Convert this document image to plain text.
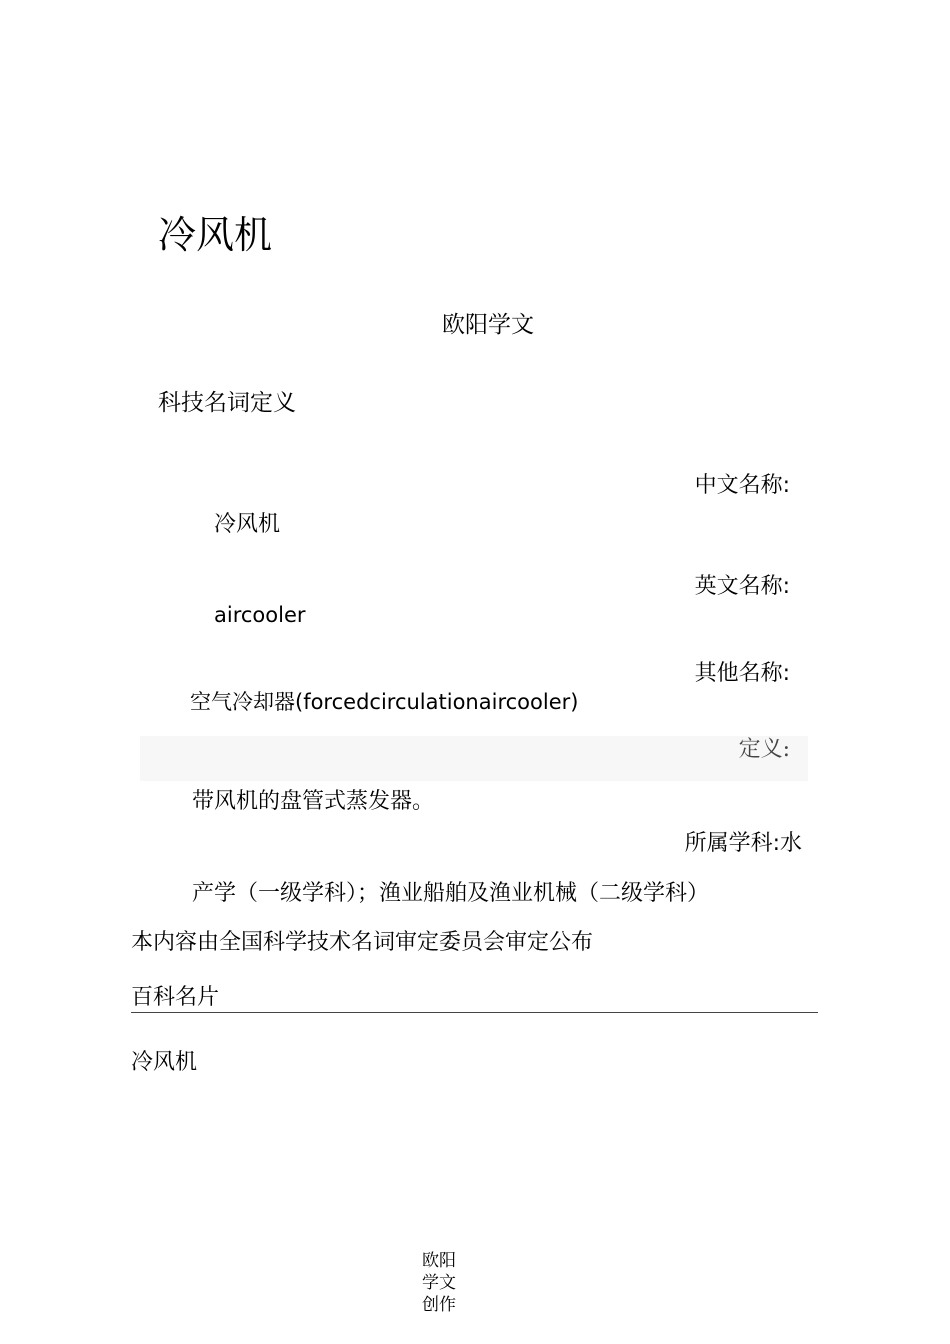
冷风机
欧阳学文
科技名词定义
中文名称:
冷风机
英文名称:
aircooler
其他名称:
空气冷却器(forcedcirculationaircooler)
定义:
带风机的盘管式蒸发器。
所属学科:水
产学（一级学科）；渔业船舶及渔业机械（二级学科）
本内容由全国科学技术名词审定委员会审定公布
百科名片
冷风机
欧阳学文创作
